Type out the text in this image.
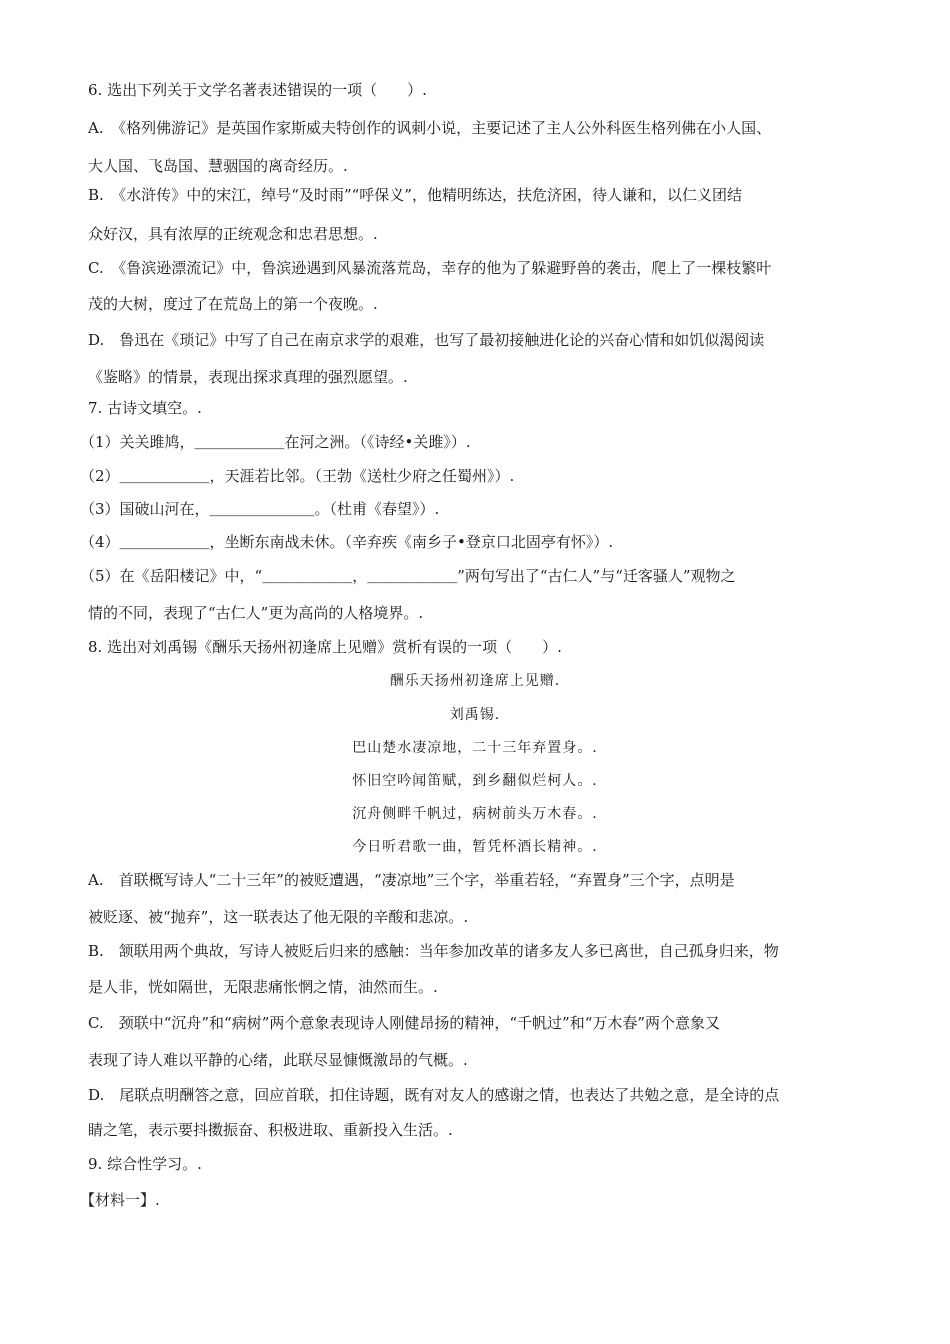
6. 选出下列关于文学名著表述错误的一项（　　）.
A.　《格列佛游记》是英国作家斯威夫特创作的讽刺小说，主要记述了主人公外科医生格列佛在小人国、
大人国、飞岛国、慧骃国的离奇经历。.
B.　《水浒传》中的宋江，绰号“及时雨”“呼保义”，他精明练达，扶危济困，待人谦和，以仁义团结
众好汉，具有浓厚的正统观念和忠君思想。.
C.　《鲁滨逊漂流记》中，鲁滨逊遇到风暴流落荒岛，幸存的他为了躲避野兽的袭击，爬上了一棵枝繁叶
茂的大树，度过了在荒岛上的第一个夜晚。.
D.　鲁迅在《琐记》中写了自己在南京求学的艰难，也写了最初接触进化论的兴奋心情和如饥似渴阅读
《鉴略》的情景，表现出探求真理的强烈愿望。.
7. 古诗文填空。.
（1）关关雎鸠，＿＿＿＿＿＿在河之洲。（《诗经•关雎》）.
（2）＿＿＿＿＿＿，天涯若比邻。（王勃《送杜少府之任蜀州》）.
（3）国破山河在，＿＿＿＿＿＿＿。（杜甫《春望》）.
（4）＿＿＿＿＿＿，坐断东南战未休。（辛弃疾《南乡子•登京口北固亭有怀》）.
（5）在《岳阳楼记》中，“＿＿＿＿＿＿，＿＿＿＿＿＿”两句写出了“古仁人”与“迁客骚人”观物之
情的不同，表现了“古仁人”更为高尚的人格境界。.
8. 选出对刘禹锡《酬乐天扬州初逢席上见赠》赏析有误的一项（　　）.
酬乐天扬州初逢席上见赠.
刘禹锡.
巴山楚水凄凉地，二十三年弃置身。.
怀旧空吟闻笛赋，到乡翻似烂柯人。.
沉舟侧畔千帆过，病树前头万木春。.
今日听君歌一曲，暂凭杯酒长精神。.
A.　首联概写诗人“二十三年”的被贬遭遇，“凄凉地”三个字，举重若轻，“弃置身”三个字，点明是
被贬逐、被“抛弃”，这一联表达了他无限的辛酸和悲凉。.
B.　颔联用两个典故，写诗人被贬后归来的感触：当年参加改革的诸多友人多已离世，自己孤身归来，物
是人非，恍如隔世，无限悲痛怅惘之情，油然而生。.
C.　颈联中“沉舟”和“病树”两个意象表现诗人刚健昂扬的精神，“千帆过”和“万木春”两个意象又
表现了诗人难以平静的心绪，此联尽显慷慨激昂的气概。.
D.　尾联点明酬答之意，回应首联，扣住诗题，既有对友人的感谢之情，也表达了共勉之意，是全诗的点
睛之笔，表示要抖擞振奋、积极进取、重新投入生活。.
9. 综合性学习。.
【材料一】.
